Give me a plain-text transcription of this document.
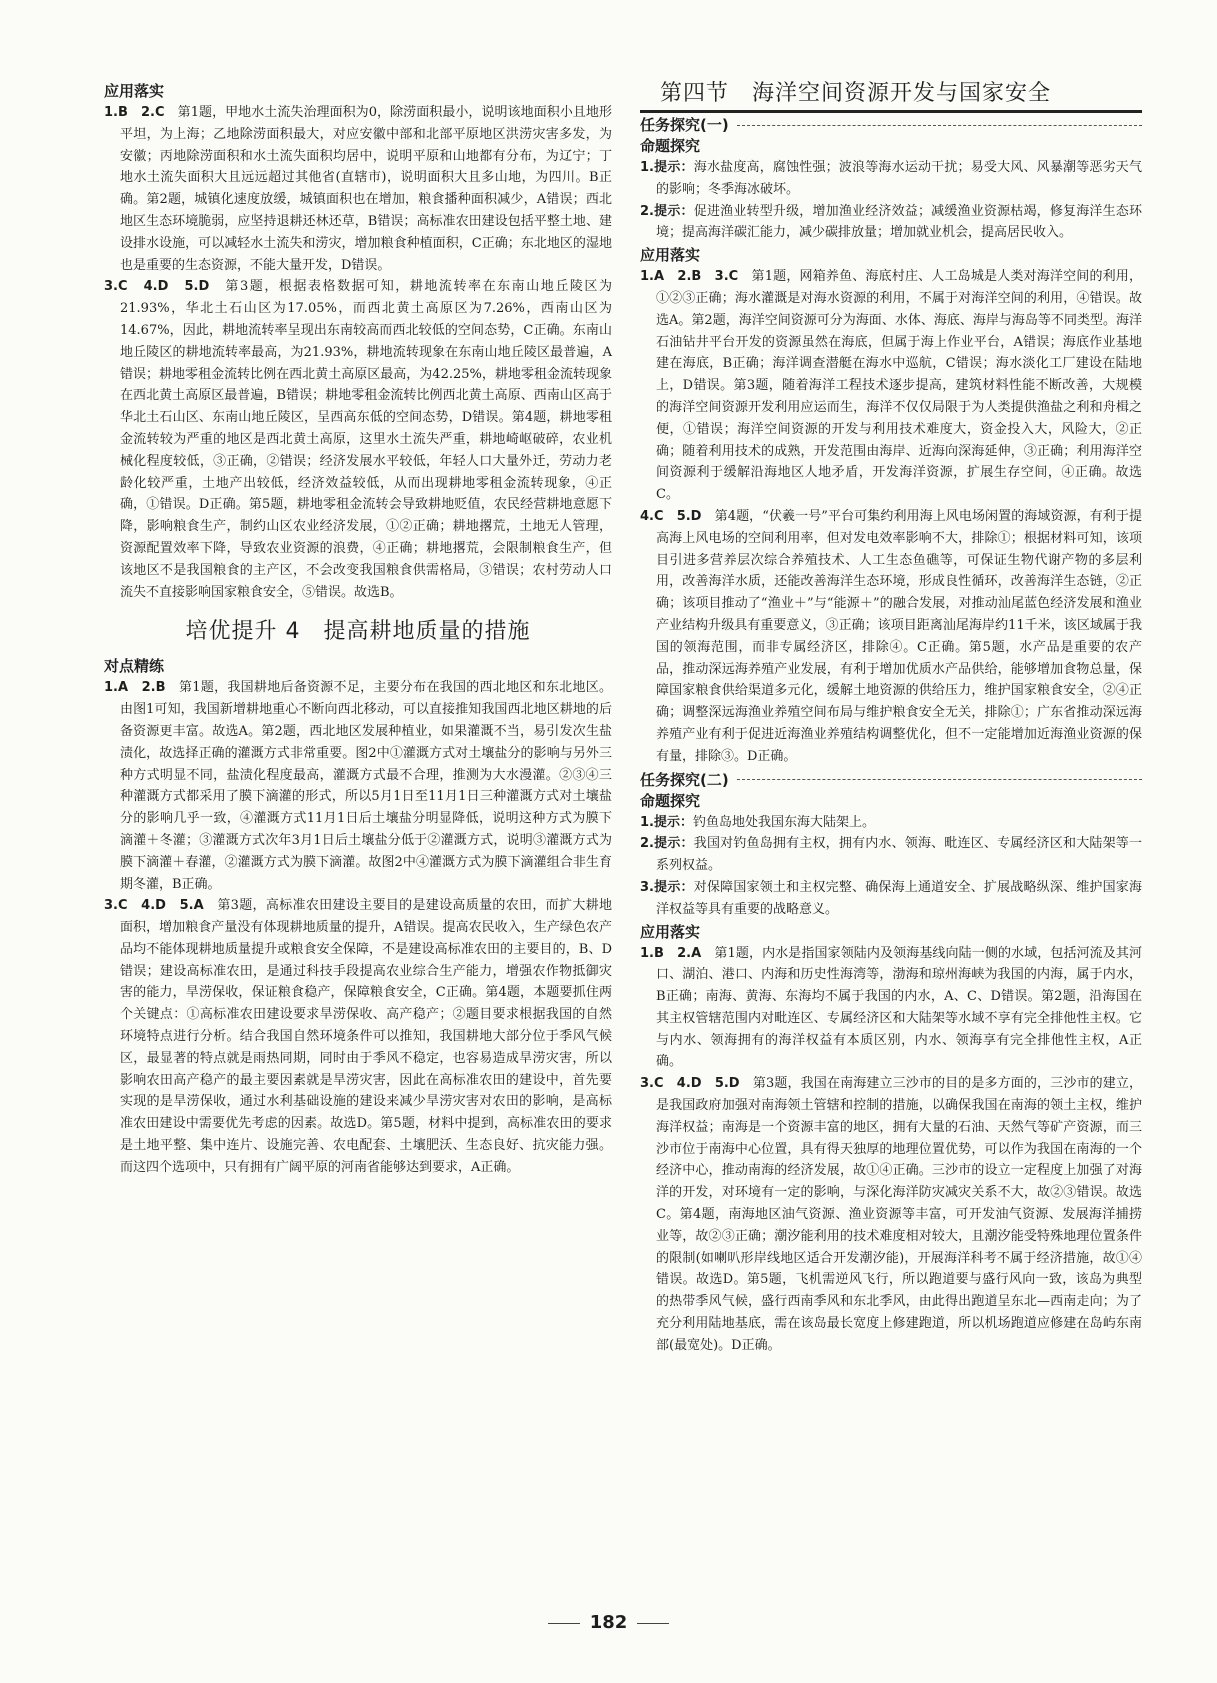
应用落实

1.B　2.C　 第1题，甲地水土流失治理面积为0，除涝面积最小，说明该地面积小且地形平坦，为上海；乙地除涝面积最大，对应安徽中部和北部平原地区洪涝灾害多发，为安徽；丙地除涝面积和水土流失面积均居中，说明平原和山地都有分布，为辽宁；丁地水土流失面积大且远远超过其他省(直辖市)，说明面积大且多山地，为四川。B正确。第2题，城镇化速度放缓，城镇面积也在增加，粮食播种面积减少，A错误；西北地区生态环境脆弱，应坚持退耕还林还草，B错误；高标准农田建设包括平整土地、建设排水设施，可以减轻水土流失和涝灾，增加粮食种植面积，C正确；东北地区的湿地也是重要的生态资源，不能大量开发，D错误。

3.C　4.D　5.D　 第3题，根据表格数据可知，耕地流转率在东南山地丘陵区为21.93%，华北土石山区为17.05%，而西北黄土高原区为7.26%，西南山区为14.67%，因此，耕地流转率呈现出东南较高而西北较低的空间态势，C正确。东南山地丘陵区的耕地流转率最高，为21.93%，耕地流转现象在东南山地丘陵区最普遍，A错误；耕地零租金流转比例在西北黄土高原区最高，为42.25%，耕地零租金流转现象在西北黄土高原区最普遍，B错误；耕地零租金流转比例西北黄土高原、西南山区高于华北土石山区、东南山地丘陵区，呈西高东低的空间态势，D错误。第4题，耕地零租金流转较为严重的地区是西北黄土高原，这里水土流失严重，耕地崎岖破碎，农业机械化程度较低，③正确，②错误；经济发展水平较低，年轻人口大量外迁，劳动力老龄化较严重，土地产出较低，经济效益较低，从而出现耕地零租金流转现象，④正确，①错误。D正确。第5题，耕地零租金流转会导致耕地贬值，农民经营耕地意愿下降，影响粮食生产，制约山区农业经济发展，①②正确；耕地撂荒，土地无人管理，资源配置效率下降，导致农业资源的浪费，④正确；耕地撂荒，会限制粮食生产，但该地区不是我国粮食的主产区，不会改变我国粮食供需格局，③错误；农村劳动人口流失不直接影响国家粮食安全，⑤错误。故选B。

培优提升 4　提高耕地质量的措施
对点精练

1.A　2.B　 第1题，我国耕地后备资源不足，主要分布在我国的西北地区和东北地区。由图1可知，我国新增耕地重心不断向西北移动，可以直接推知我国西北地区耕地的后备资源更丰富。故选A。第2题，西北地区发展种植业，如果灌溉不当，易引发次生盐渍化，故选择正确的灌溉方式非常重要。图2中①灌溉方式对土壤盐分的影响与另外三种方式明显不同，盐渍化程度最高，灌溉方式最不合理，推测为大水漫灌。②③④三种灌溉方式都采用了膜下滴灌的形式，所以5月1日至11月1日三种灌溉方式对土壤盐分的影响几乎一致，④灌溉方式11月1日后土壤盐分明显降低，说明这种方式为膜下滴灌＋冬灌；③灌溉方式次年3月1日后土壤盐分低于②灌溉方式，说明③灌溉方式为膜下滴灌＋春灌，②灌溉方式为膜下滴灌。故图2中④灌溉方式为膜下滴灌组合非生育期冬灌，B正确。

3.C　4.D　5.A　 第3题，高标准农田建设主要目的是建设高质量的农田，而扩大耕地面积，增加粮食产量没有体现耕地质量的提升，A错误。提高农民收入，生产绿色农产品均不能体现耕地质量提升或粮食安全保障，不是建设高标准农田的主要目的，B、D错误；建设高标准农田，是通过科技手段提高农业综合生产能力，增强农作物抵御灾害的能力，旱涝保收，保证粮食稳产，保障粮食安全，C正确。第4题，本题要抓住两个关键点：①高标准农田建设要求旱涝保收、高产稳产；②题目要求根据我国的自然环境特点进行分析。结合我国自然环境条件可以推知，我国耕地大部分位于季风气候区，最显著的特点就是雨热同期，同时由于季风不稳定，也容易造成旱涝灾害，所以影响农田高产稳产的最主要因素就是旱涝灾害，因此在高标准农田的建设中，首先要实现的是旱涝保收，通过水利基础设施的建设来减少旱涝灾害对农田的影响，是高标准农田建设中需要优先考虑的因素。故选D。第5题，材料中提到，高标准农田的要求是土地平整、集中连片、设施完善、农电配套、土壤肥沃、生态良好、抗灾能力强。而这四个选项中，只有拥有广阔平原的河南省能够达到要求，A正确。

第四节　海洋空间资源开发与国家安全
任务探究(一)
命题探究

1.提示：海水盐度高，腐蚀性强；波浪等海水运动干扰；易受大风、风暴潮等恶劣天气的影响；冬季海冰破坏。

2.提示：促进渔业转型升级，增加渔业经济效益；减缓渔业资源枯竭，修复海洋生态环境；提高海洋碳汇能力，减少碳排放量；增加就业机会，提高居民收入。

应用落实

1.A　2.B　3.C　 第1题，网箱养鱼、海底村庄、人工岛城是人类对海洋空间的利用，①②③正确；海水灌溉是对海水资源的利用，不属于对海洋空间的利用，④错误。故选A。第2题，海洋空间资源可分为海面、水体、海底、海岸与海岛等不同类型。海洋石油钻井平台开发的资源虽然在海底，但属于海上作业平台，A错误；海底作业基地建在海底，B正确；海洋调查潜艇在海水中巡航，C错误；海水淡化工厂建设在陆地上，D错误。第3题，随着海洋工程技术逐步提高，建筑材料性能不断改善，大规模的海洋空间资源开发利用应运而生，海洋不仅仅局限于为人类提供渔盐之利和舟楫之便，①错误；海洋空间资源的开发与利用技术难度大，资金投入大，风险大，②正确；随着利用技术的成熟，开发范围由海岸、近海向深海延伸，③正确；利用海洋空间资源利于缓解沿海地区人地矛盾，开发海洋资源，扩展生存空间，④正确。故选C。

4.C　5.D　 第4题，“伏羲一号”平台可集约利用海上风电场闲置的海域资源，有利于提高海上风电场的空间利用率，但对发电效率影响不大，排除①；根据材料可知，该项目引进多营养层次综合养殖技术、人工生态鱼礁等，可保证生物代谢产物的多层利用，改善海洋水质，还能改善海洋生态环境，形成良性循环，改善海洋生态链，②正确；该项目推动了“渔业＋”与“能源＋”的融合发展，对推动汕尾蓝色经济发展和渔业产业结构升级具有重要意义，③正确；该项目距离汕尾海岸约11千米，该区域属于我国的领海范围，而非专属经济区，排除④。C正确。第5题，水产品是重要的农产品，推动深远海养殖产业发展，有利于增加优质水产品供给，能够增加食物总量，保障国家粮食供给渠道多元化，缓解土地资源的供给压力，维护国家粮食安全，②④正确；调整深远海渔业养殖空间布局与维护粮食安全无关，排除①；广东省推动深远海养殖产业有利于促进近海渔业养殖结构调整优化，但不一定能增加近海渔业资源的保有量，排除③。D正确。

任务探究(二)
命题探究

1.提示：钓鱼岛地处我国东海大陆架上。

2.提示：我国对钓鱼岛拥有主权，拥有内水、领海、毗连区、专属经济区和大陆架等一系列权益。

3.提示：对保障国家领土和主权完整、确保海上通道安全、扩展战略纵深、维护国家海洋权益等具有重要的战略意义。

应用落实

1.B　2.A　 第1题，内水是指国家领陆内及领海基线向陆一侧的水域，包括河流及其河口、湖泊、港口、内海和历史性海湾等，渤海和琼州海峡为我国的内海，属于内水，B正确；南海、黄海、东海均不属于我国的内水，A、C、D错误。第2题，沿海国在其主权管辖范围内对毗连区、专属经济区和大陆架等水域不享有完全排他性主权。它与内水、领海拥有的海洋权益有本质区别，内水、领海享有完全排他性主权，A正确。

3.C　4.D　5.D　 第3题，我国在南海建立三沙市的目的是多方面的，三沙市的建立，是我国政府加强对南海领土管辖和控制的措施，以确保我国在南海的领土主权，维护海洋权益；南海是一个资源丰富的地区，拥有大量的石油、天然气等矿产资源，而三沙市位于南海中心位置，具有得天独厚的地理位置优势，可以作为我国在南海的一个经济中心，推动南海的经济发展，故①④正确。三沙市的设立一定程度上加强了对海洋的开发，对环境有一定的影响，与深化海洋防灾减灾关系不大，故②③错误。故选C。第4题，南海地区油气资源、渔业资源等丰富，可开发油气资源、发展海洋捕捞业等，故②③正确；潮汐能利用的技术难度相对较大，且潮汐能受特殊地理位置条件的限制(如喇叭形岸线地区适合开发潮汐能)，开展海洋科考不属于经济措施，故①④错误。故选D。第5题，飞机需逆风飞行，所以跑道要与盛行风向一致，该岛为典型的热带季风气候，盛行西南季风和东北季风，由此得出跑道呈东北—西南走向；为了充分利用陆地基底，需在该岛最长宽度上修建跑道，所以机场跑道应修建在岛屿东南部(最宽处)。D正确。

182
